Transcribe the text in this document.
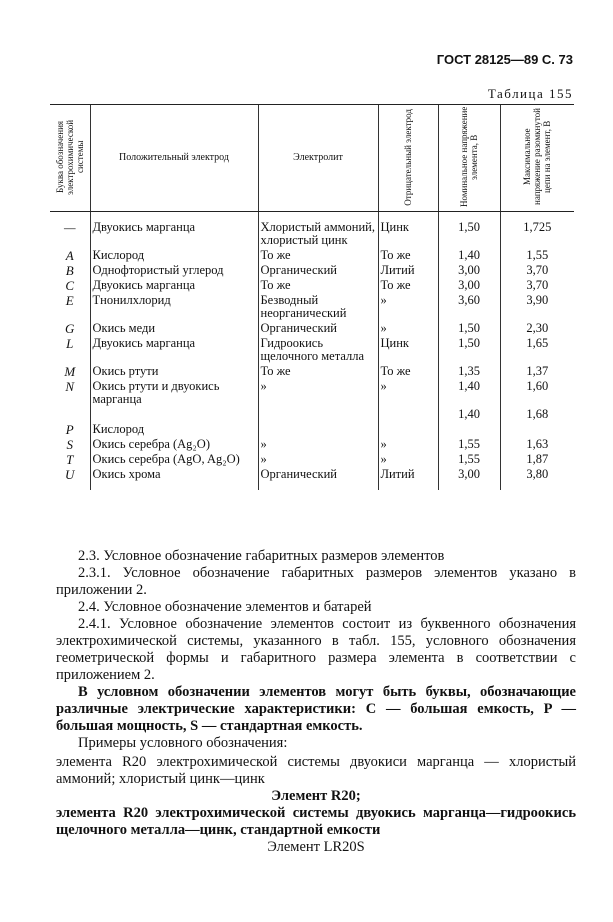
ГОСТ 28125—89 С. 73
Таблица 155
Буква обозначения электрохимической системы	Положительный электрод	Электролит	Отрицательный электрод	Номинальное напряжение элемента, В	Максимальное напряжение разомкнутой цепи на элемент, В

—	Двуокись марганца	Хлористый аммоний, хлористый цинк	Цинк	1,50	1,725
A	Кислород	То же	То же	1,40	1,55
B	Однофтористый углерод	Органический	Литий	3,00	3,70
C	Двуокись марганца	То же	То же	3,00	3,70
E	Тнонилхлорид	Безводный неорганический	»	3,60	3,90
G	Окись меди	Органический	»	1,50	2,30
L	Двуокись марганца	Гидроокись щелочного металла	Цинк	1,50	1,65
M	Окись ртути	То же	То же	1,35	1,37
N	Окись ртути и двуокись марганца	»	»	1,40	1,60
				1,40	1,68
P	Кислород				
S	Окись серебра (Ag₂O)	»	»	1,55	1,63
T	Окись серебра (AgO, Ag₂O)	»	»	1,55	1,87
U	Окись хрома	Органический	Литий	3,00	3,80

2.3. Условное обозначение габаритных размеров элементов

2.3.1. Условное обозначение габаритных размеров элементов указано в приложении 2.

2.4. Условное обозначение элементов и батарей

2.4.1. Условное обозначение элементов состоит из буквенного обозначения электрохимической системы, указанного в табл. 155, условного обозначения геометрической формы и габаритного размера элемента в соответствии с приложением 2.

В условном обозначении элементов могут быть буквы, обозначающие различные электрические характеристики: C — большая емкость, P — большая мощность, S — стандартная емкость.

Примеры условного обозначения:

элемента R20 электрохимической системы двуокиси марганца — хлористый аммоний; хлористый цинк—цинк

Элемент R20;

элемента R20 электрохимической системы двуокись марганца—гидроокись щелочного металла—цинк, стандартной емкости

Элемент LR20S
